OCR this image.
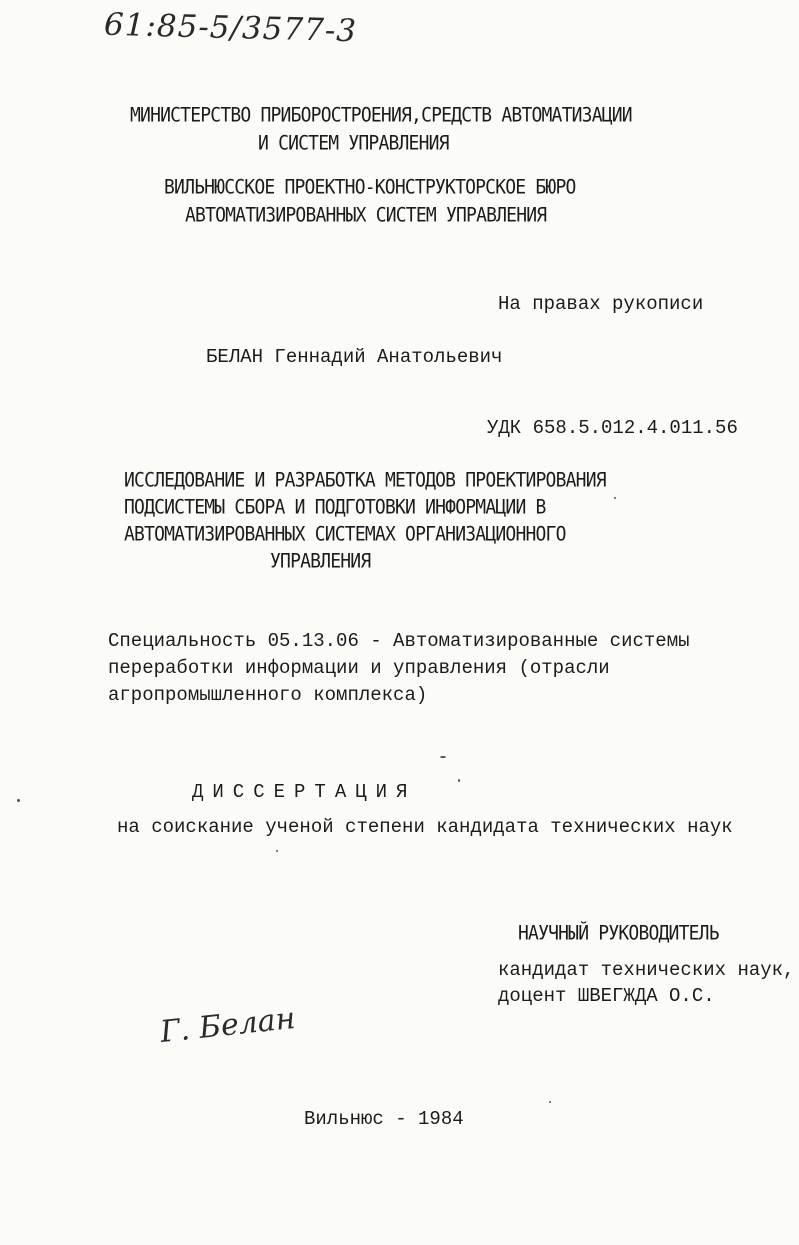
61:85-5/3577-3
МИНИСТЕРСТВО ПРИБОРОСТРОЕНИЯ,СРЕДСТВ АВТОМАТИЗАЦИИ
И СИСТЕМ УПРАВЛЕНИЯ
ВИЛЬНЮССКОЕ ПРОЕКТНО-КОНСТРУКТОРСКОЕ БЮРО
АВТОМАТИЗИРОВАННЫХ СИСТЕМ УПРАВЛЕНИЯ
На правах рукописи
БЕЛАН Геннадий Анатольевич
УДК 658.5.012.4.011.56
ИССЛЕДОВАНИЕ И РАЗРАБОТКА МЕТОДОВ ПРОЕКТИРОВАНИЯ
ПОДСИСТЕМЫ СБОРА И ПОДГОТОВКИ ИНФОРМАЦИИ В
АВТОМАТИЗИРОВАННЫХ СИСТЕМАХ ОРГАНИЗАЦИОННОГО
УПРАВЛЕНИЯ
Специальность 05.13.06 - Автоматизированные системы
переработки информации и управления (отрасли
агропромышленного комплекса)
ДИССЕРТАЦИЯ
на соискание ученой степени кандидата технических наук
НАУЧНЫЙ РУКОВОДИТЕЛЬ
кандидат технических наук,
доцент ШВЕГЖДА О.С.
Г. Белан
Вильнюс - 1984
